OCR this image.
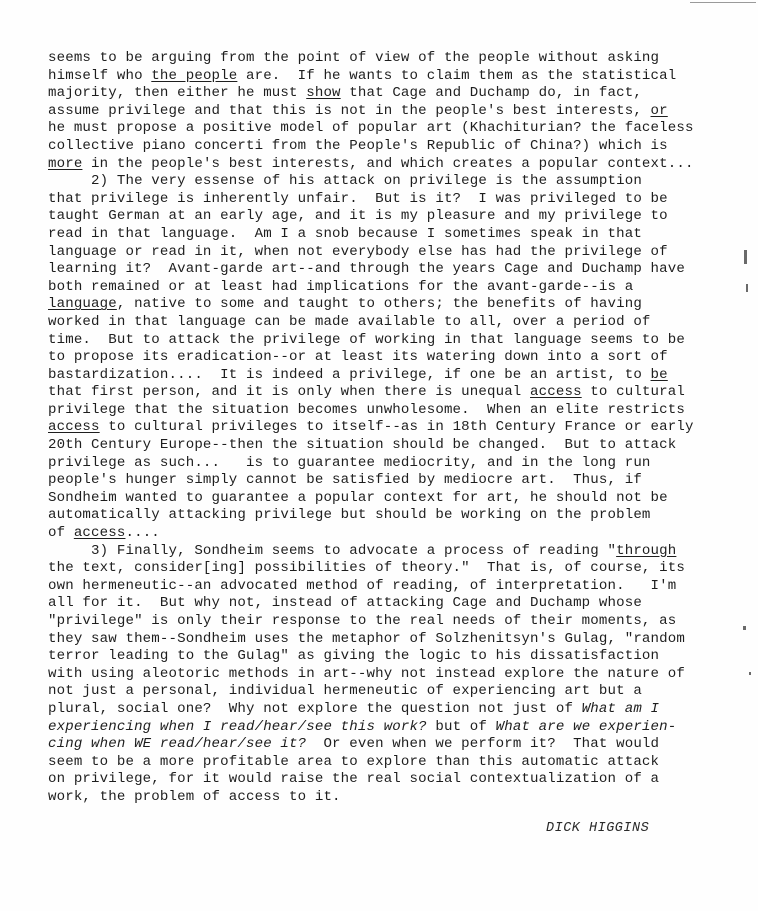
seems to be arguing from the point of view of the people without asking
himself who the people are.  If he wants to claim them as the statistical
majority, then either he must show that Cage and Duchamp do, in fact,
assume privilege and that this is not in the people's best interests, or
he must propose a positive model of popular art (Khachiturian? the faceless
collective piano concerti from the People's Republic of China?) which is
more in the people's best interests, and which creates a popular context...
2) The very essense of his attack on privilege is the assumption
that privilege is inherently unfair.  But is it?  I was privileged to be
taught German at an early age, and it is my pleasure and my privilege to
read in that language.  Am I a snob because I sometimes speak in that
language or read in it, when not everybody else has had the privilege of
learning it?  Avant-garde art--and through the years Cage and Duchamp have
both remained or at least had implications for the avant-garde--is a
language, native to some and taught to others; the benefits of having
worked in that language can be made available to all, over a period of
time.  But to attack the privilege of working in that language seems to be
to propose its eradication--or at least its watering down into a sort of
bastardization....  It is indeed a privilege, if one be an artist, to be
that first person, and it is only when there is unequal access to cultural
privilege that the situation becomes unwholesome.  When an elite restricts
access to cultural privileges to itself--as in 18th Century France or early
20th Century Europe--then the situation should be changed.  But to attack
privilege as such...   is to guarantee mediocrity, and in the long run
people's hunger simply cannot be satisfied by mediocre art.  Thus, if
Sondheim wanted to guarantee a popular context for art, he should not be
automatically attacking privilege but should be working on the problem
of access....
3) Finally, Sondheim seems to advocate a process of reading "through
the text, consider[ing] possibilities of theory."  That is, of course, its
own hermeneutic--an advocated method of reading, of interpretation.   I'm
all for it.  But why not, instead of attacking Cage and Duchamp whose
"privilege" is only their response to the real needs of their moments, as
they saw them--Sondheim uses the metaphor of Solzhenitsyn's Gulag, "random
terror leading to the Gulag" as giving the logic to his dissatisfaction
with using aleotoric methods in art--why not instead explore the nature of
not just a personal, individual hermeneutic of experiencing art but a
plural, social one?  Why not explore the question not just of What am I
experiencing when I read/hear/see this work? but of What are we experien-
cing when WE read/hear/see it?  Or even when we perform it?  That would
seem to be a more profitable area to explore than this automatic attack
on privilege, for it would raise the real social contextualization of a
work, the problem of access to it.
DICK HIGGINS
